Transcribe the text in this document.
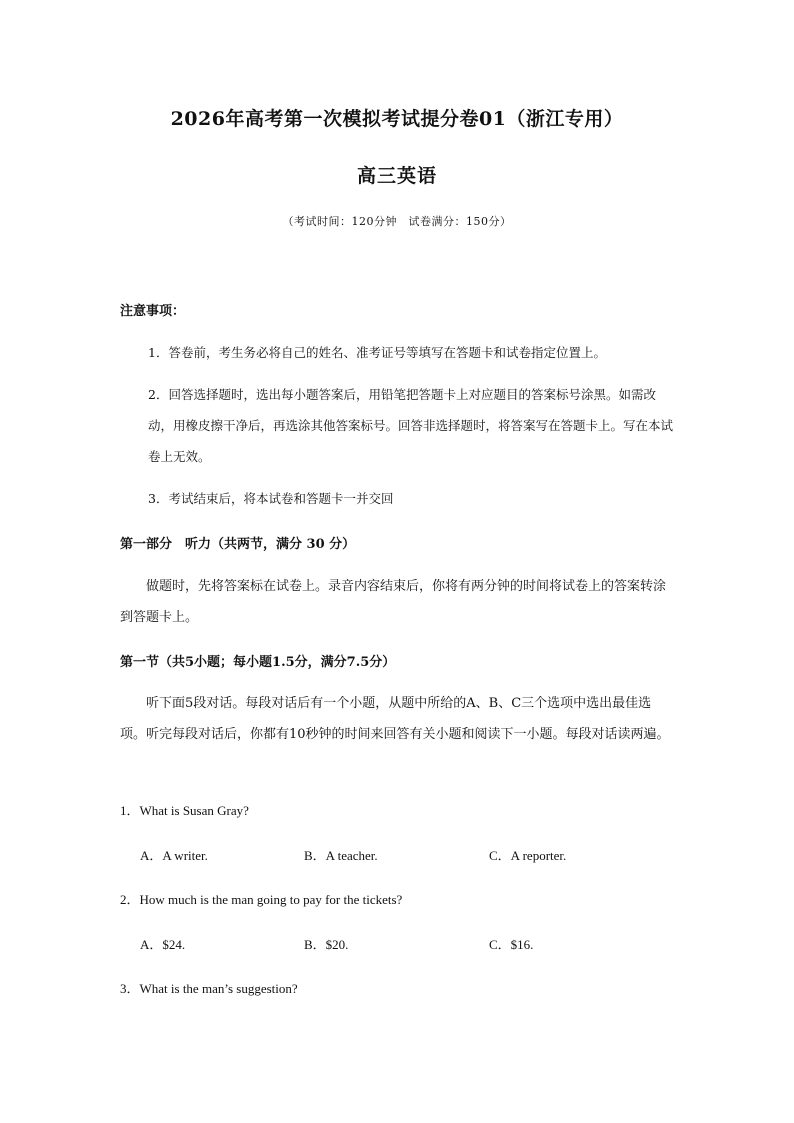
2026年高考第一次模拟考试提分卷01（浙江专用）
高三英语
（考试时间：120分钟　试卷满分：150分）
注意事项：
1．答卷前，考生务必将自己的姓名、准考证号等填写在答题卡和试卷指定位置上。
2．回答选择题时，选出每小题答案后，用铅笔把答题卡上对应题目的答案标号涂黑。如需改动，用橡皮擦干净后，再选涂其他答案标号。回答非选择题时，将答案写在答题卡上。写在本试卷上无效。
3．考试结束后，将本试卷和答题卡一并交回
第一部分　听力（共两节，满分 30 分）
做题时，先将答案标在试卷上。录音内容结束后，你将有两分钟的时间将试卷上的答案转涂到答题卡上。
第一节（共5小题；每小题1.5分，满分7.5分）
听下面5段对话。每段对话后有一个小题，从题中所给的A、B、C三个选项中选出最佳选项。听完每段对话后，你都有10秒钟的时间来回答有关小题和阅读下一小题。每段对话读两遍。
1．What is Susan Gray?
A．A writer.	B．A teacher.	C．A reporter.
2．How much is the man going to pay for the tickets?
A．$24.	B．$20.	C．$16.
3．What is the man’s suggestion?
